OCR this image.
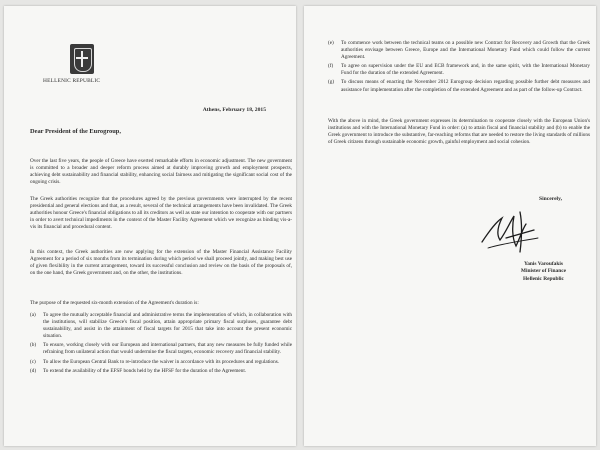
HELLENIC REPUBLIC
Athens, February 18, 2015
Dear President of the Eurogroup,

Over the last five years, the people of Greece have exerted remarkable efforts in economic adjustment. The new government is committed to a broader and deeper reform process aimed at durably improving growth and employment prospects, achieving debt sustainability and financial stability, enhancing social fairness and mitigating the significant social cost of the ongoing crisis.

The Greek authorities recognize that the procedures agreed by the previous governments were interrupted by the recent presidential and general elections and that, as a result, several of the technical arrangements have been invalidated. The Greek authorities honour Greece's financial obligations to all its creditors as well as state our intention to cooperate with our partners in order to avert technical impediments in the context of the Master Facility Agreement which we recognize as binding vis-a-vis its financial and procedural content.

In this context, the Greek authorities are now applying for the extension of the Master Financial Assistance Facility Agreement for a period of six months from its termination during which period we shall proceed jointly, and making best use of given flexibility in the current arrangement, toward its successful conclusion and review on the basis of the proposals of, on the one hand, the Greek government and, on the other, the institutions.

The purpose of the requested six-month extension of the Agreement's duration is:

(a) To agree the mutually acceptable financial and administrative terms the implementation of which, in collaboration with the institutions, will stabilize Greece's fiscal position, attain appropriate primary fiscal surpluses, guarantee debt sustainability, and assist in the attainment of fiscal targets for 2015 that take into account the present economic situation.
(b) To ensure, working closely with our European and international partners, that any new measures be fully funded while refraining from unilateral action that would undermine the fiscal targets, economic recovery and financial stability.
(c) To allow the European Central Bank to re-introduce the waiver in accordance with its procedures and regulations.
(d) To extend the availability of the EFSF bonds held by the HFSF for the duration of the Agreement.
(e) To commence work between the technical teams on a possible new Contract for Recovery and Growth that the Greek authorities envisage between Greece, Europe and the International Monetary Fund which could follow the current Agreement.
(f) To agree on supervision under the EU and ECB framework and, in the same spirit, with the International Monetary Fund for the duration of the extended Agreement.
(g) To discuss means of enacting the November 2012 Eurogroup decision regarding possible further debt measures and assistance for implementation after the completion of the extended Agreement and as part of the follow-up Contract.

With the above in mind, the Greek government expresses its determination to cooperate closely with the European Union's institutions and with the International Monetary Fund in order: (a) to attain fiscal and financial stability and (b) to enable the Greek government to introduce the substantive, far-reaching reforms that are needed to restore the living standards of millions of Greek citizens through sustainable economic growth, gainful employment and social cohesion.

Sincerely,
Yanis Varoufakis
Minister of Finance
Hellenic Republic
